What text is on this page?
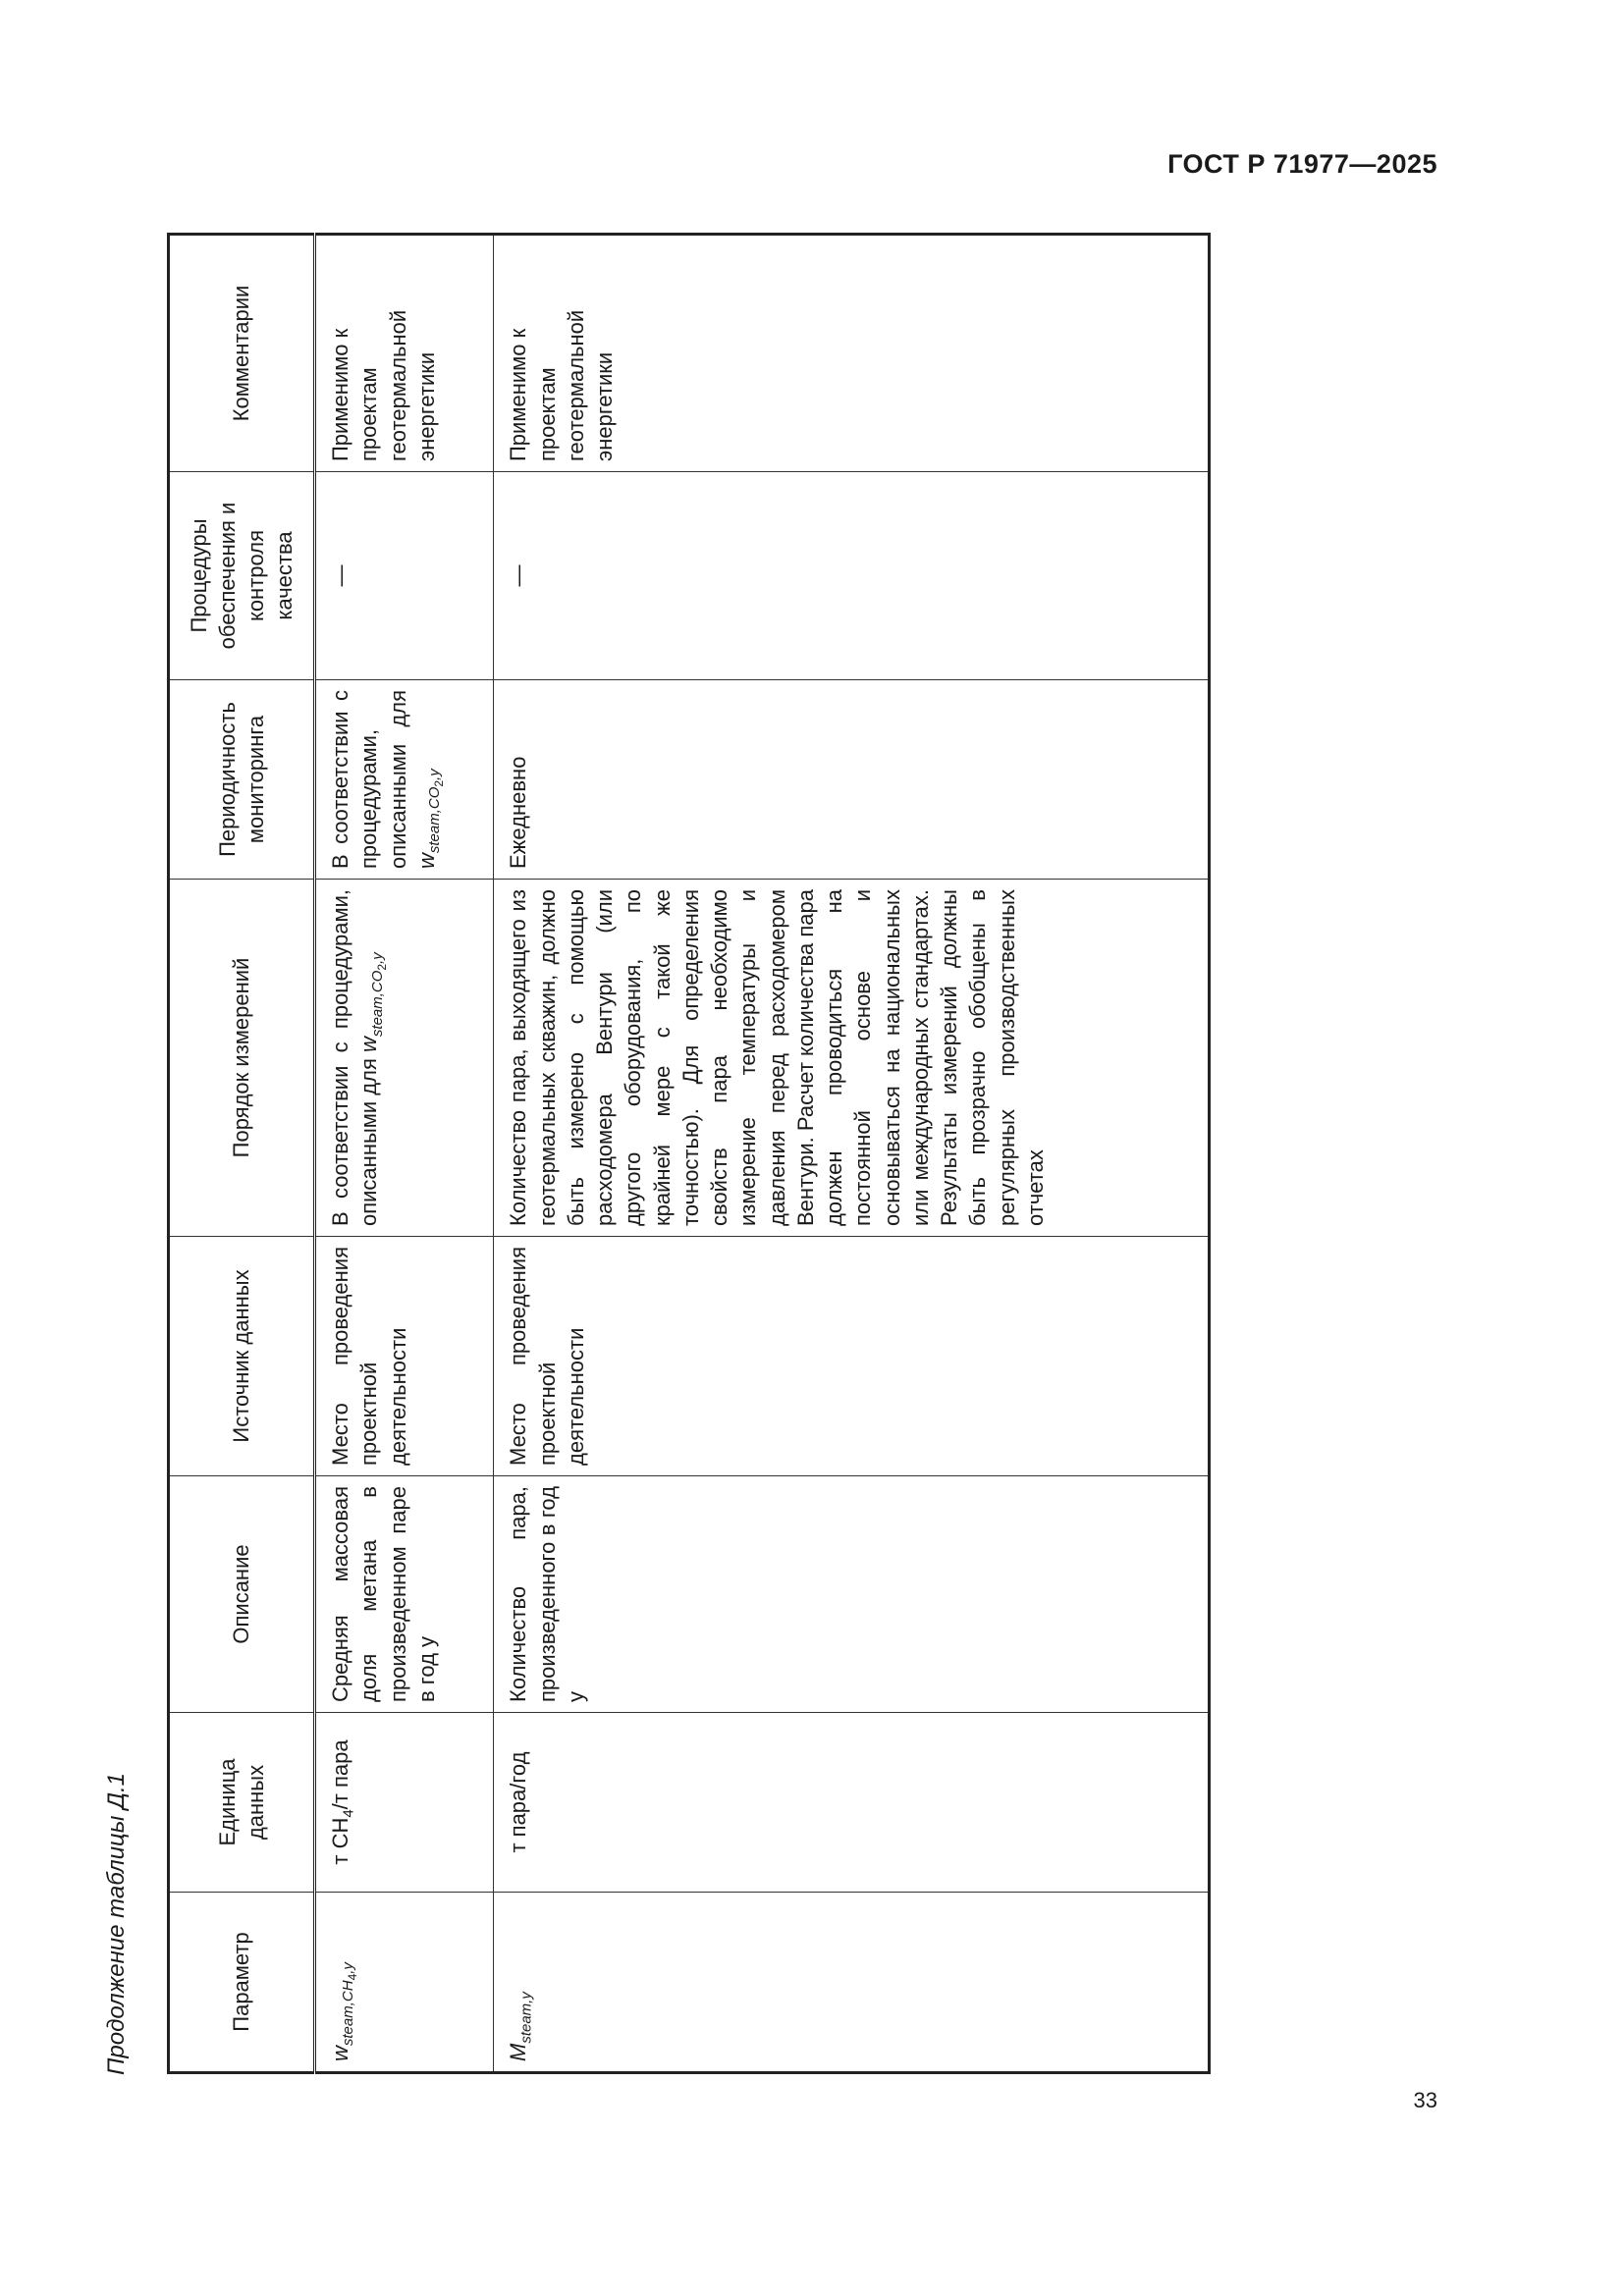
ГОСТ Р 71977—2025
Продолжение таблицы Д.1	Параметр	Единица данных	Описание	Источник данных	Порядок измерений	Периодичность мониторинга	Процедуры обеспечения и контроля качества	Комментарии
$w_{steam,CH_4,y}$	т $CH_4/т$ пара	Средняя массовая доля метана в произведенном паре в год y	Место проведения проектной деятельности	В соответствии с процедурами, описанными для $w_{steam,CO_2,y}$	В соответствии с процедурами, описанными для $w_{steam,CO_2,y}$	—	Применимо к проектам геотермальной энергетики
$M_{steam,y}$	т пара/год	Количество пара, произведенного в год y	Место проведения проектной деятельности	Количество пара, выходящего из геотермальных скважин, должно быть измерено с помощью расходомера Вентури (или другого оборудования, по крайней мере с такой же точностью). Для определения свойств пара необходимо измерение температуры и давления перед расходомером Вентури. Расчет количества пара должен проводиться на постоянной основе и основываться на национальных или международных стандартах. Результаты измерений должны быть прозрачно обобщены в регулярных производственных отчетах	Ежедневно	—	Применимо к проектам геотермальной энергетики
33
